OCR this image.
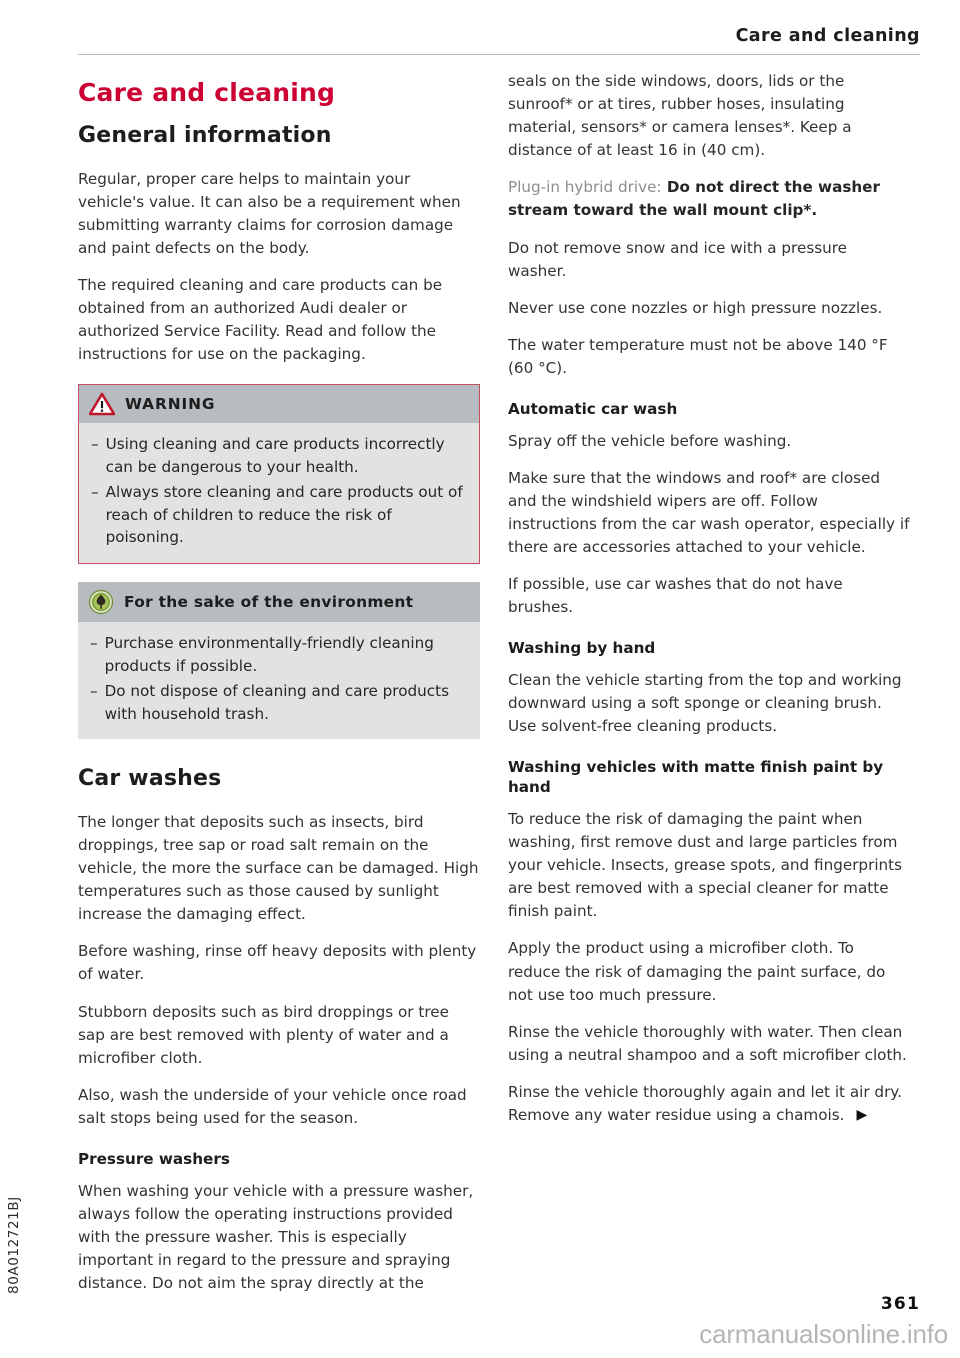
Care and cleaning
Care and cleaning
General information

Regular, proper care helps to maintain your vehicle's value. It can also be a requirement when submitting warranty claims for corrosion damage and paint defects on the body.

The required cleaning and care products can be obtained from an authorized Audi dealer or authorized Service Facility. Read and follow the instructions for use on the packaging.

WARNING
– Using cleaning and care products incorrectly can be dangerous to your health.
– Always store cleaning and care products out of reach of children to reduce the risk of poisoning.
For the sake of the environment
– Purchase environmentally-friendly cleaning products if possible.
– Do not dispose of cleaning and care products with household trash.
Car washes

The longer that deposits such as insects, bird droppings, tree sap or road salt remain on the vehicle, the more the surface can be damaged. High temperatures such as those caused by sunlight increase the damaging effect.

Before washing, rinse off heavy deposits with plenty of water.

Stubborn deposits such as bird droppings or tree sap are best removed with plenty of water and a microfiber cloth.

Also, wash the underside of your vehicle once road salt stops being used for the season.

Pressure washers

When washing your vehicle with a pressure washer, always follow the operating instructions provided with the pressure washer. This is especially important in regard to the pressure and spraying distance. Do not aim the spray directly at the

seals on the side windows, doors, lids or the sunroof* or at tires, rubber hoses, insulating material, sensors* or camera lenses*. Keep a distance of at least 16 in (40 cm).

Plug-in hybrid drive: Do not direct the washer stream toward the wall mount clip*.

Do not remove snow and ice with a pressure washer.

Never use cone nozzles or high pressure nozzles.

The water temperature must not be above 140 °F (60 °C).

Automatic car wash

Spray off the vehicle before washing.

Make sure that the windows and roof* are closed and the windshield wipers are off. Follow instructions from the car wash operator, especially if there are accessories attached to your vehicle.

If possible, use car washes that do not have brushes.

Washing by hand

Clean the vehicle starting from the top and working downward using a soft sponge or cleaning brush. Use solvent-free cleaning products.

Washing vehicles with matte finish paint by hand

To reduce the risk of damaging the paint when washing, first remove dust and large particles from your vehicle. Insects, grease spots, and fingerprints are best removed with a special cleaner for matte finish paint.

Apply the product using a microfiber cloth. To reduce the risk of damaging the paint surface, do not use too much pressure.

Rinse the vehicle thoroughly with water. Then clean using a neutral shampoo and a soft microfiber cloth.

Rinse the vehicle thoroughly again and let it air dry. Remove any water residue using a chamois. ▶

80A012721BJ
361
carmanualsonline.info
